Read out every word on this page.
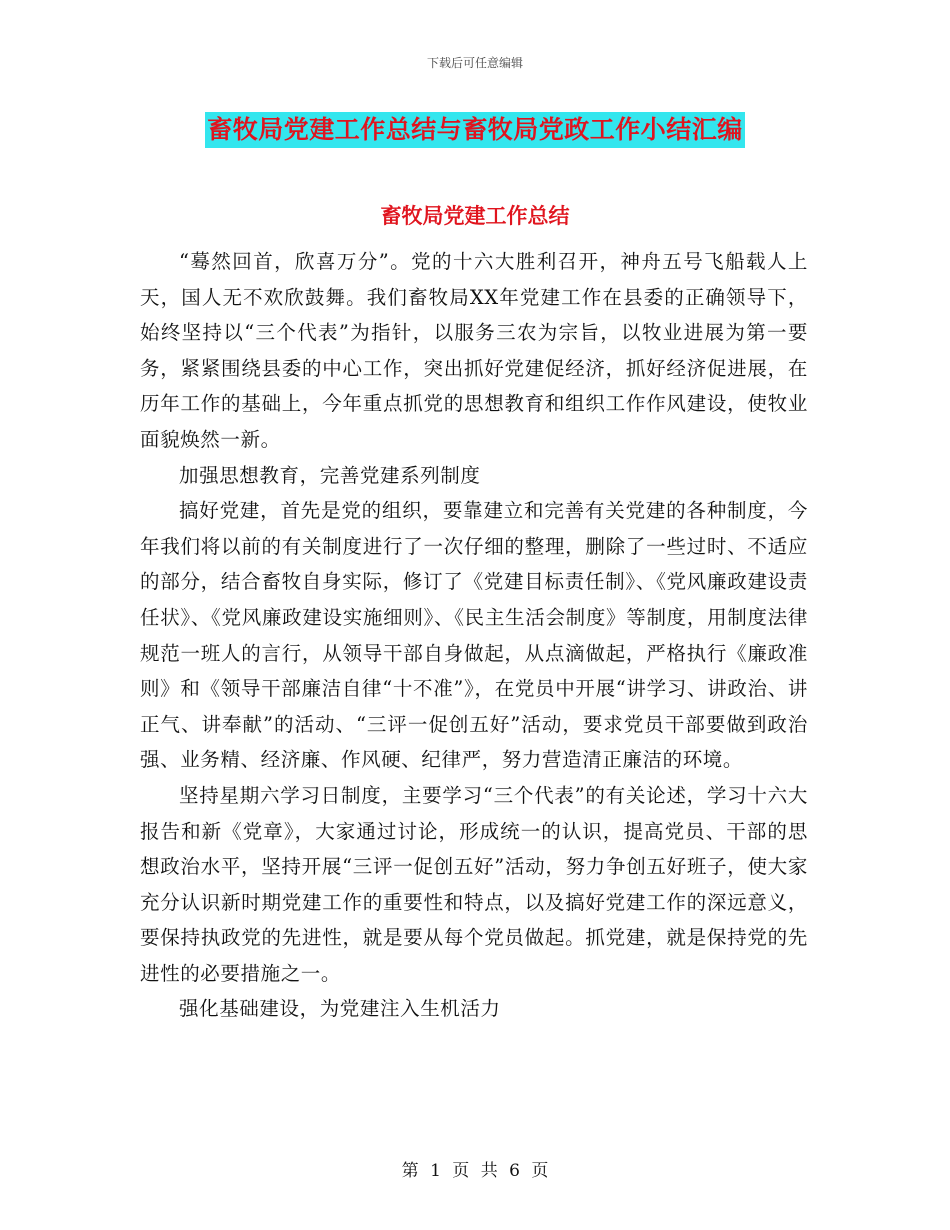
下载后可任意编辑
畜牧局党建工作总结与畜牧局党政工作小结汇编
畜牧局党建工作总结

“蓦然回首，欣喜万分”。党的十六大胜利召开，神舟五号飞船载人上天，国人无不欢欣鼓舞。我们畜牧局XX年党建工作在县委的正确领导下，始终坚持以“三个代表”为指针，以服务三农为宗旨，以牧业进展为第一要务，紧紧围绕县委的中心工作，突出抓好党建促经济，抓好经济促进展，在历年工作的基础上，今年重点抓党的思想教育和组织工作作风建设，使牧业面貌焕然一新。

加强思想教育，完善党建系列制度

搞好党建，首先是党的组织，要靠建立和完善有关党建的各种制度，今年我们将以前的有关制度进行了一次仔细的整理，删除了一些过时、不适应的部分，结合畜牧自身实际，修订了《党建目标责任制》、《党风廉政建设责任状》、《党风廉政建设实施细则》、《民主生活会制度》等制度，用制度法律规范一班人的言行，从领导干部自身做起，从点滴做起，严格执行《廉政准则》和《领导干部廉洁自律“十不准”》，在党员中开展“讲学习、讲政治、讲正气、讲奉献”的活动、“三评一促创五好”活动，要求党员干部要做到政治强、业务精、经济廉、作风硬、纪律严，努力营造清正廉洁的环境。

坚持星期六学习日制度，主要学习“三个代表”的有关论述，学习十六大报告和新《党章》，大家通过讨论，形成统一的认识，提高党员、干部的思想政治水平，坚持开展“三评一促创五好”活动，努力争创五好班子，使大家充分认识新时期党建工作的重要性和特点，以及搞好党建工作的深远意义，要保持执政党的先进性，就是要从每个党员做起。抓党建，就是保持党的先进性的必要措施之一。

强化基础建设，为党建注入生机活力

第 1 页 共 6 页
